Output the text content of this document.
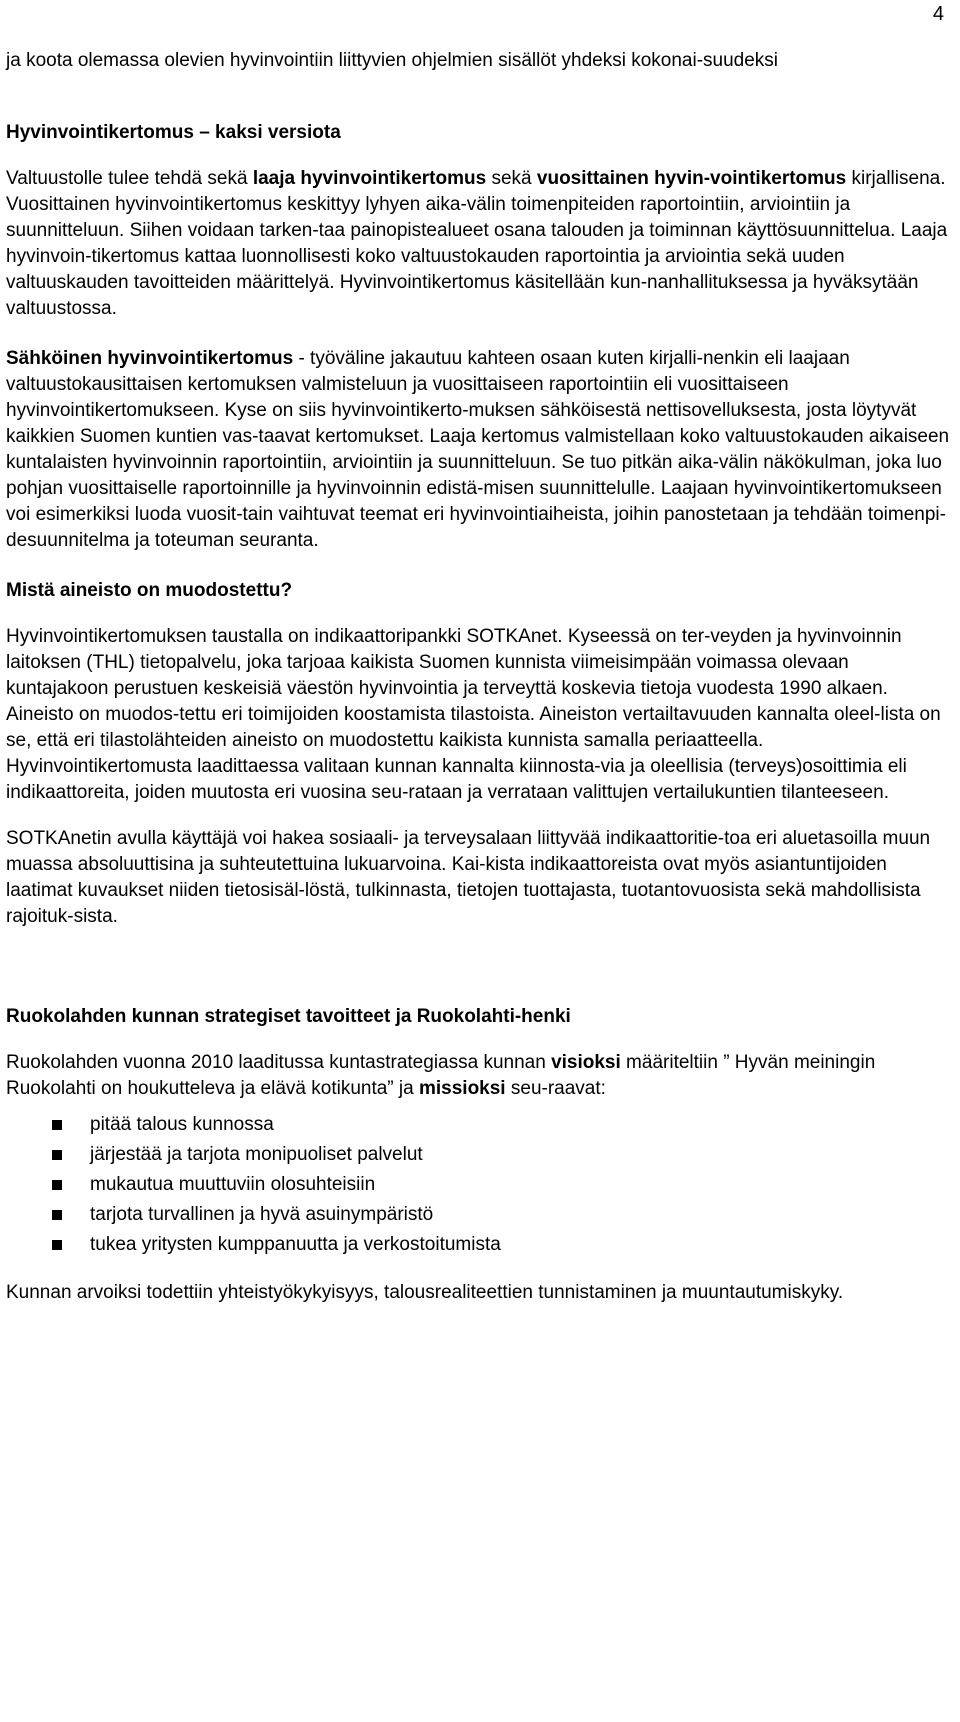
4

ja koota olemassa olevien hyvinvointiin liittyvien ohjelmien sisällöt yhdeksi kokonai-suudeksi

Hyvinvointikertomus – kaksi versiota

Valtuustolle tulee tehdä sekä laaja hyvinvointikertomus sekä vuosittainen hyvin-vointikertomus kirjallisena. Vuosittainen hyvinvointikertomus keskittyy lyhyen aika-välin toimenpiteiden raportointiin, arviointiin ja suunnitteluun. Siihen voidaan tarken-taa painopistealueet osana talouden ja toiminnan käyttösuunnittelua. Laaja hyvinvoin-tikertomus kattaa luonnollisesti koko valtuustokauden raportointia ja arviointia sekä uuden valtuuskauden tavoitteiden määrittelyä. Hyvinvointikertomus käsitellään kun-nanhallituksessa ja hyväksytään valtuustossa.

Sähköinen hyvinvointikertomus - työväline jakautuu kahteen osaan kuten kirjalli-nenkin eli laajaan valtuustokausittaisen kertomuksen valmisteluun ja vuosittaiseen raportointiin eli vuosittaiseen hyvinvointikertomukseen. Kyse on siis hyvinvointikerto-muksen sähköisestä nettisovelluksesta, josta löytyvät kaikkien Suomen kuntien vas-taavat kertomukset. Laaja kertomus valmistellaan koko valtuustokauden aikaiseen kuntalaisten hyvinvoinnin raportointiin, arviointiin ja suunnitteluun. Se tuo pitkän aika-välin näkökulman, joka luo pohjan vuosittaiselle raportoinnille ja hyvinvoinnin edistä-misen suunnittelulle. Laajaan hyvinvointikertomukseen voi esimerkiksi luoda vuosit-tain vaihtuvat teemat eri hyvinvointiaiheista, joihin panostetaan ja tehdään toimenpi-desuunnitelma ja toteuman seuranta.

Mistä aineisto on muodostettu?

Hyvinvointikertomuksen taustalla on indikaattoripankki SOTKAnet. Kyseessä on ter-veyden ja hyvinvoinnin laitoksen (THL) tietopalvelu, joka tarjoaa kaikista Suomen kunnista viimeisimpään voimassa olevaan kuntajakoon perustuen keskeisiä väestön hyvinvointia ja terveyttä koskevia tietoja vuodesta 1990 alkaen. Aineisto on muodos-tettu eri toimijoiden koostamista tilastoista. Aineiston vertailtavuuden kannalta oleel-lista on se, että eri tilastolähteiden aineisto on muodostettu kaikista kunnista samalla periaatteella. Hyvinvointikertomusta laadittaessa valitaan kunnan kannalta kiinnosta-via ja oleellisia (terveys)osoittimia eli indikaattoreita, joiden muutosta eri vuosina seu-rataan ja verrataan valittujen vertailukuntien tilanteeseen.

SOTKAnetin avulla käyttäjä voi hakea sosiaali- ja terveysalaan liittyvää indikaattoritie-toa eri aluetasoilla muun muassa absoluuttisina ja suhteutettuina lukuarvoina. Kai-kista indikaattoreista ovat myös asiantuntijoiden laatimat kuvaukset niiden tietosisäl-löstä, tulkinnasta, tietojen tuottajasta, tuotantovuosista sekä mahdollisista rajoituk-sista.

Ruokolahden kunnan strategiset tavoitteet ja Ruokolahti-henki

Ruokolahden vuonna 2010 laaditussa kuntastrategiassa kunnan visioksi määriteltiin ” Hyvän meiningin Ruokolahti on houkutteleva ja elävä kotikunta” ja missioksi seu-raavat:

pitää talous kunnossa
järjestää ja tarjota monipuoliset palvelut
mukautua muuttuviin olosuhteisiin
tarjota turvallinen ja hyvä asuinympäristö
tukea yritysten kumppanuutta ja verkostoitumista

Kunnan arvoiksi todettiin yhteistyökykyisyys, talousrealiteettien tunnistaminen ja muuntautumiskyky.
